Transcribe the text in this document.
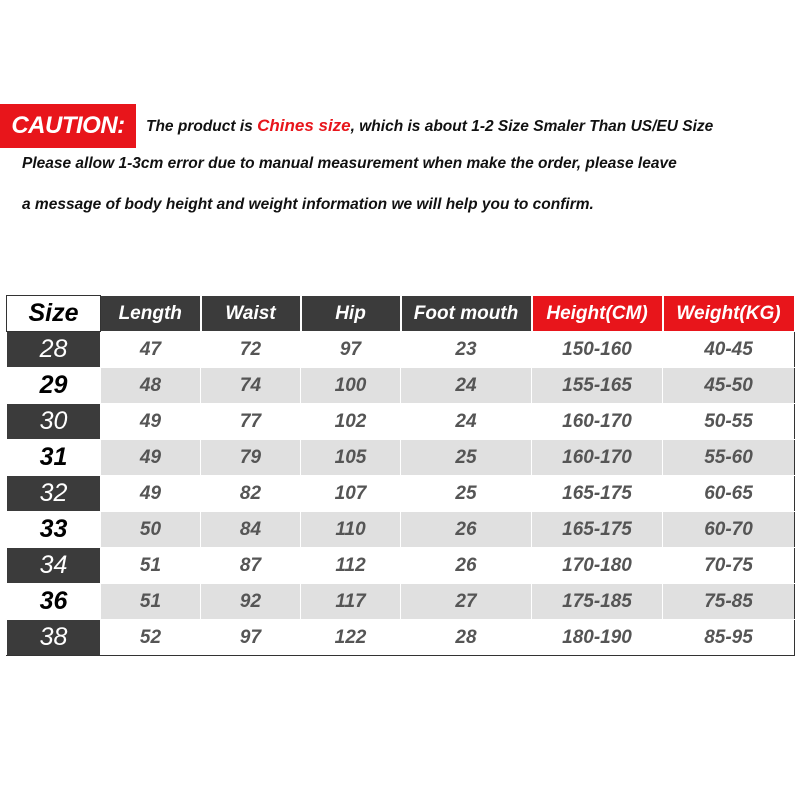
CAUTION:	The product is Chines size, which is about 1-2 Size Smaler Than US/EU Size
Please allow 1-3cm error due to manual measurement when make the order, please leave
a message of body height and weight information we will help you to confirm.
Size	Length	Waist	Hip	Foot mouth	Height(CM)	Weight(KG)
28	47	72	97	23	150-160	40-45
29	48	74	100	24	155-165	45-50
30	49	77	102	24	160-170	50-55
31	49	79	105	25	160-170	55-60
32	49	82	107	25	165-175	60-65
33	50	84	110	26	165-175	60-70
34	51	87	112	26	170-180	70-75
36	51	92	117	27	175-185	75-85
38	52	97	122	28	180-190	85-95
